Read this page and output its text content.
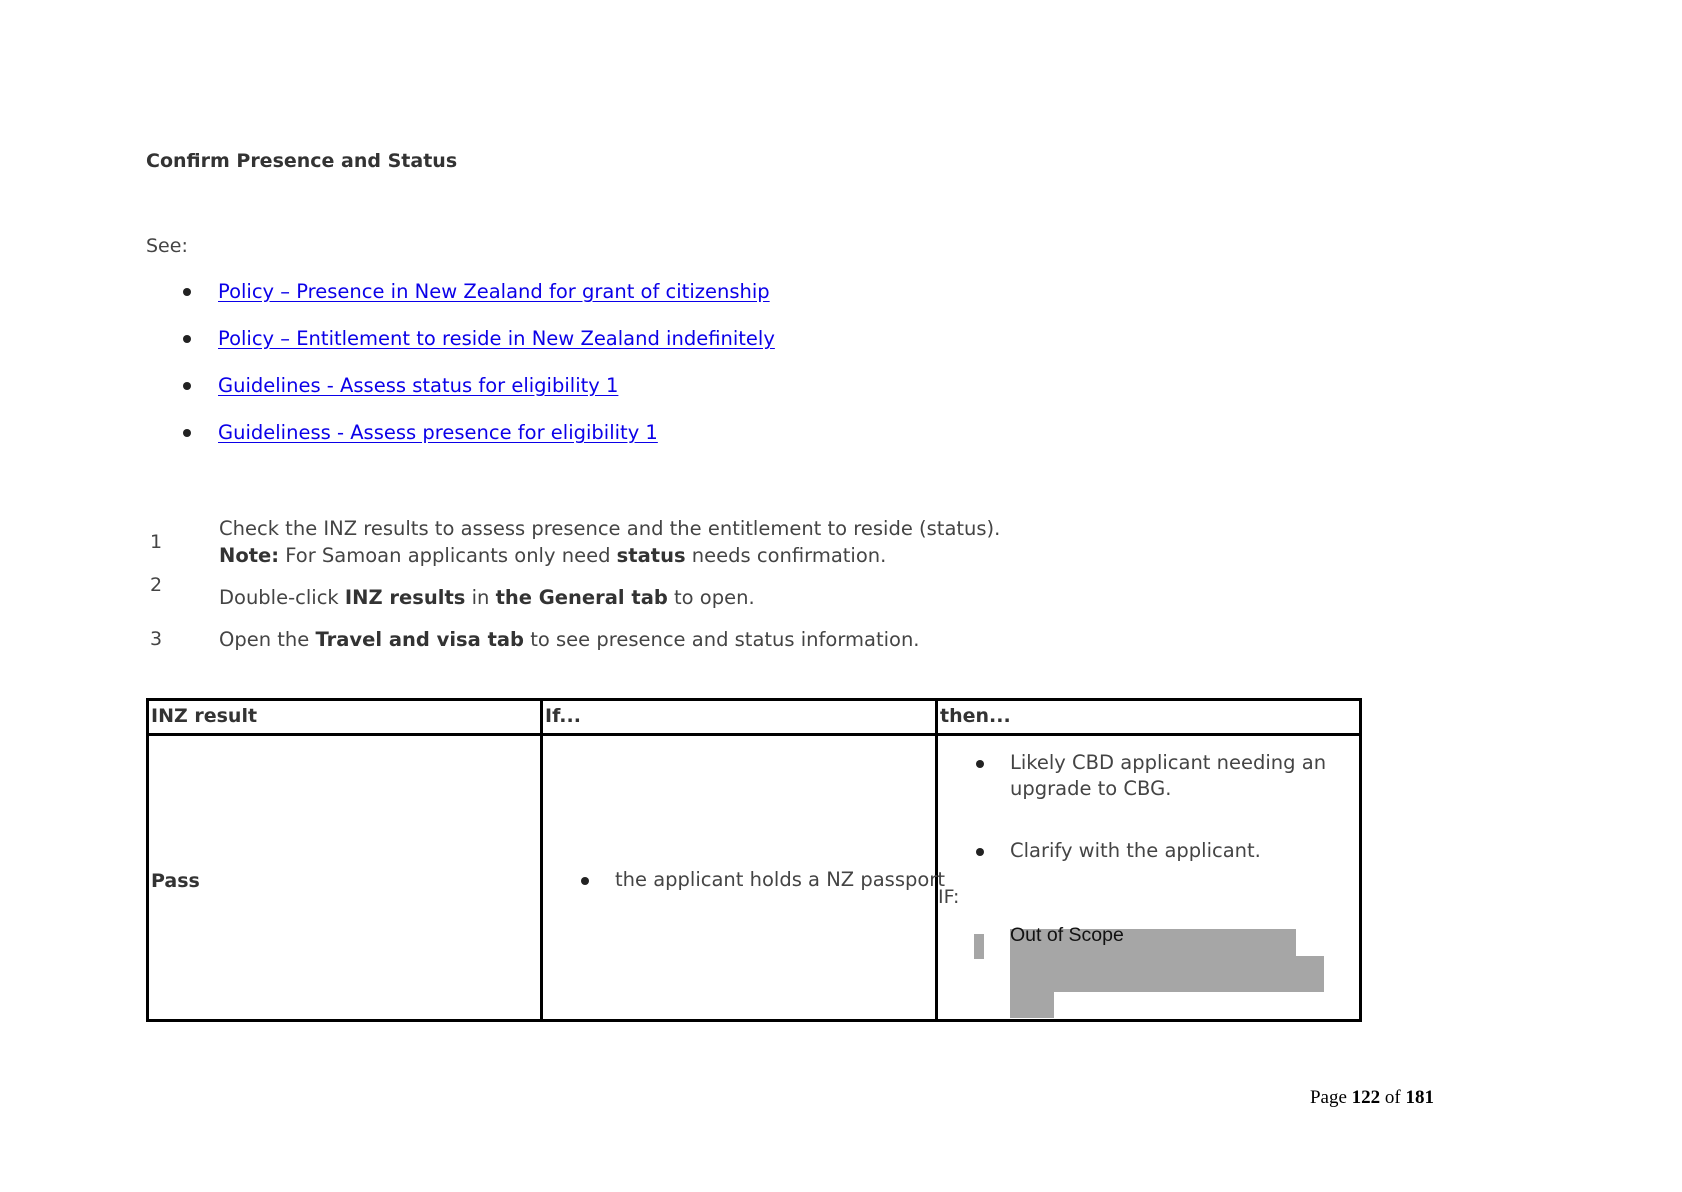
Confirm Presence and Status
See:
Policy – Presence in New Zealand for grant of citizenship
Policy – Entitlement to reside in New Zealand indefinitely
Guidelines - Assess status for eligibility 1
Guideliness - Assess presence for eligibility 1
1
Check the INZ results to assess presence and the entitlement to reside (status).
Note: For Samoan applicants only need status needs confirmation.
2
Double-click INZ results in the General tab to open.
3	Open the Travel and visa tab to see presence and status information.
INZ result	If...	then...

Pass	the applicant holds a NZ passport	Likely CBD applicant needing an upgrade to CBG.
Clarify with the applicant.
IF:
Out of Scope
Page 122 of 181
